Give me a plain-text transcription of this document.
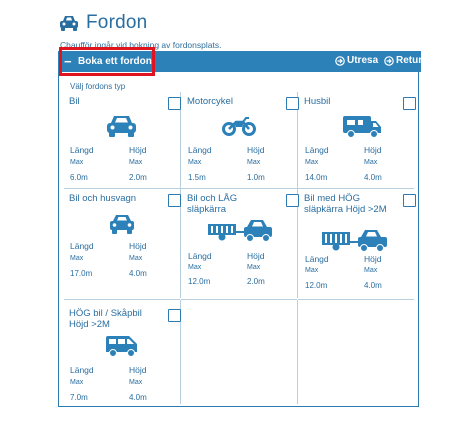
Fordon
Chaufför ingår vid bokning av fordonsplats.
− Boka ett fordon	Utresa Retur
Välj fordons typ
Bil
Längd	Höjd
Max	Max
6.0m	2.0m
Motorcykel
Längd	Höjd
Max	Max
1.5m	1.0m
Husbil
Längd	Höjd
Max	Max
14.0m	4.0m
Bil och husvagn
Längd	Höjd
Max	Max
17.0m	4.0m
Bil och LÅG släpkärra
Längd	Höjd
Max	Max
12.0m	2.0m
Bil med HÖG släpkärra Höjd >2M
Längd	Höjd
Max	Max
12.0m	4.0m
HÖG bil / Skåpbil Höjd >2M
Längd	Höjd
Max	Max
7.0m	4.0m
